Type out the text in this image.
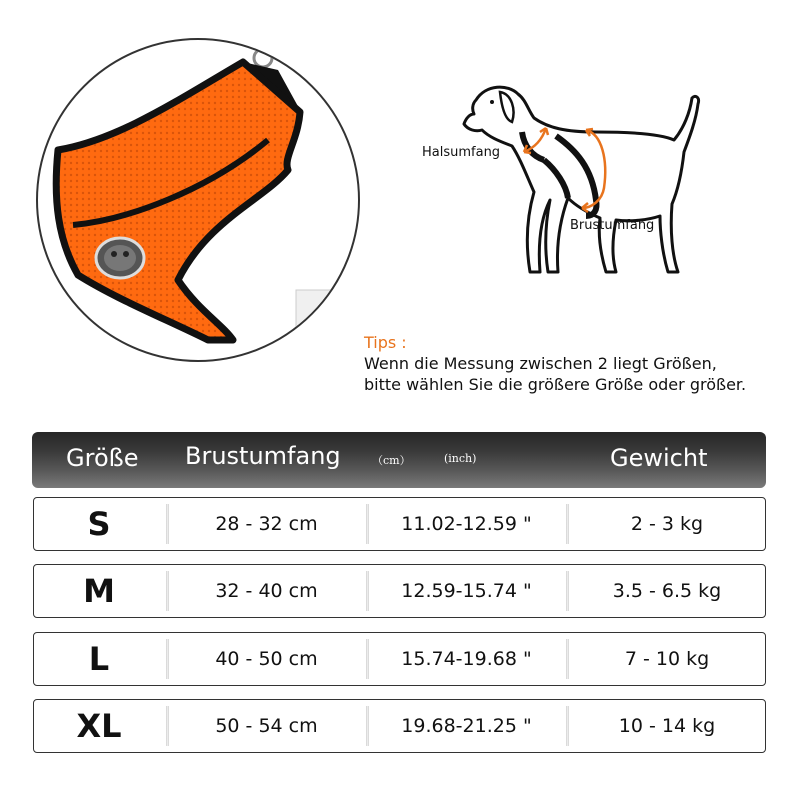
Halsumfang
Brustumfang
Tips :
Wenn die Messung zwischen 2 liegt Größen,
bitte wählen Sie die größere Größe oder größer.
Größe Brustumfang	（cm）	(inch)	Gewicht
S	28 - 32 cm	11.02-12.59 "	2 - 3 kg
M	32 - 40 cm	12.59-15.74 "	3.5 - 6.5 kg
L	40 - 50 cm	15.74-19.68 "	7 - 10 kg
XL	50 - 54 cm	19.68-21.25 "	10 - 14 kg
